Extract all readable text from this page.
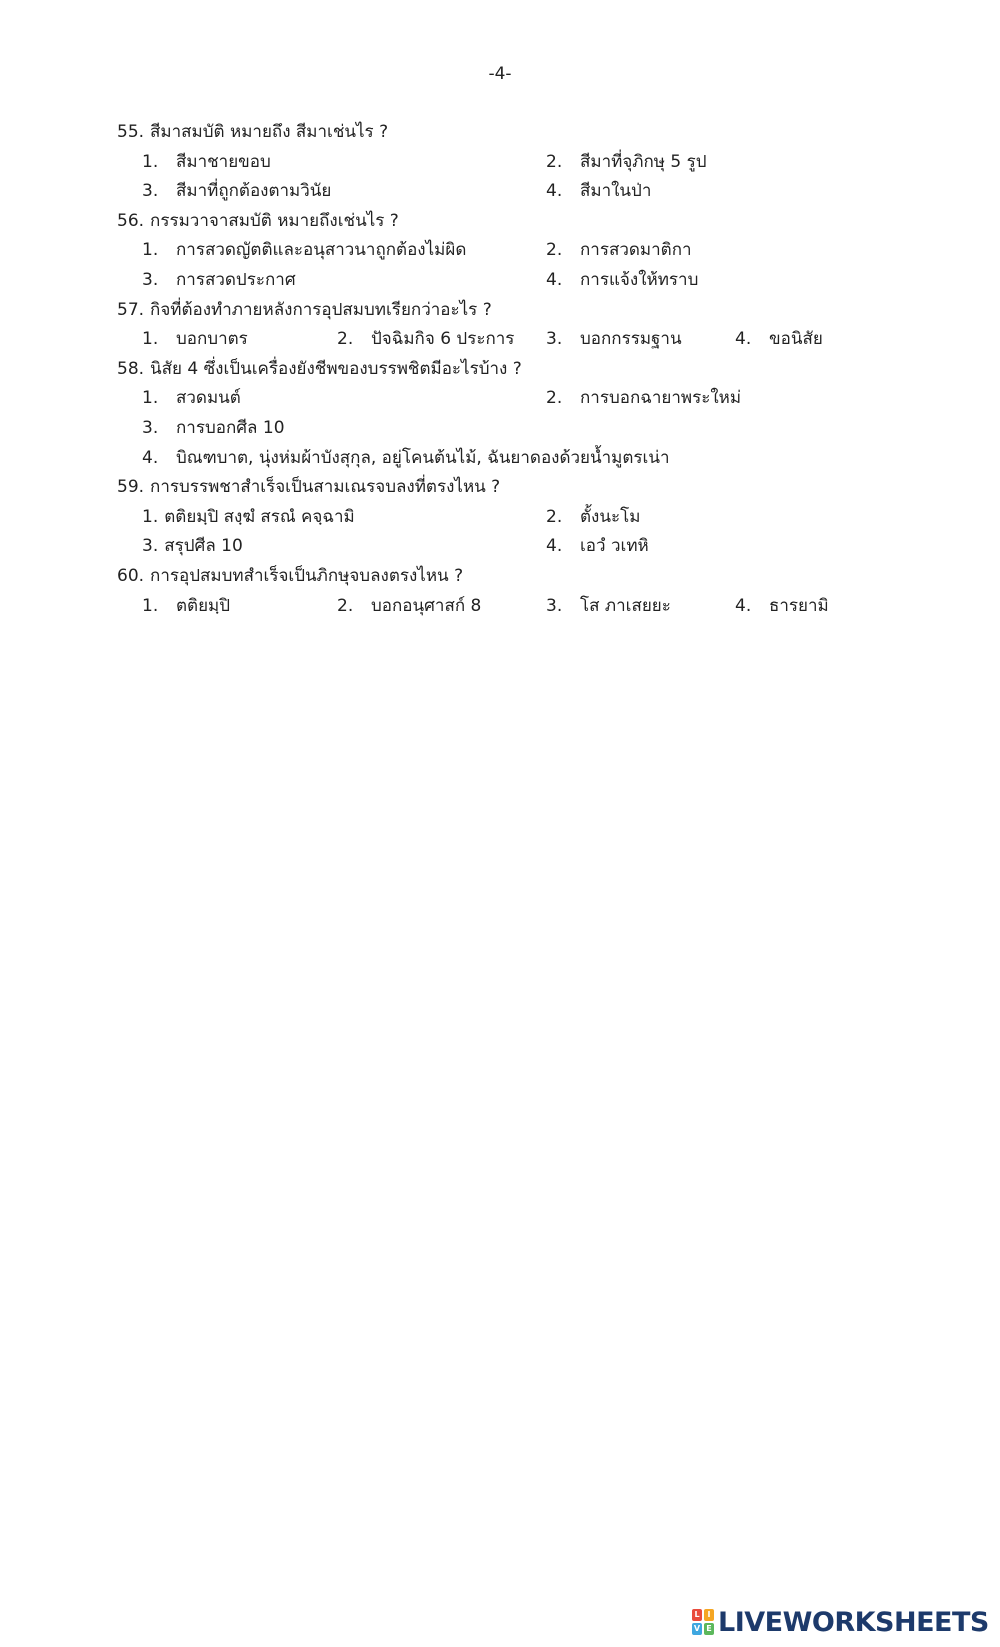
-4-
55. สีมาสมบัติ หมายถึง สีมาเช่นไร ?
1. สีมาชายขอบ	2. สีมาที่จุภิกษุ 5 รูป
3. สีมาที่ถูกต้องตามวินัย	4. สีมาในป่า
56. กรรมวาจาสมบัติ หมายถึงเช่นไร ?
1. การสวดญัตติและอนุสาวนาถูกต้องไม่ผิด	2. การสวดมาติกา
3. การสวดประกาศ	4. การแจ้งให้ทราบ
57. กิจที่ต้องทำภายหลังการอุปสมบทเรียกว่าอะไร ?
1. บอกบาตร	2. ปัจฉิมกิจ 6 ประการ 3. บอกกรรมฐาน	4. ขอนิสัย
58. นิสัย 4 ซึ่งเป็นเครื่องยังชีพของบรรพชิตมีอะไรบ้าง ?
1. สวดมนต์	2. การบอกฉายาพระใหม่
3. การบอกศีล 10
4. บิณฑบาต, นุ่งห่มผ้าบังสุกุล, อยู่โคนต้นไม้, ฉันยาดองด้วยน้ำมูตรเน่า
59. การบรรพชาสำเร็จเป็นสามเณรจบลงที่ตรงไหน ?
1. ตติยมฺปิ สงฺฆํ สรณํ คจฺฉามิ	2. ตั้งนะโม
3. สรุปศีล 10	4. เอวํ วเทหิ
60. การอุปสมบทสำเร็จเป็นภิกษุจบลงตรงไหน ?
1. ตติยมฺปิ	2. บอกอนุศาสก์ 8	3. โส ภาเสยยะ	4. ธารยามิ
L I
V E LIVEWORKSHEETS
